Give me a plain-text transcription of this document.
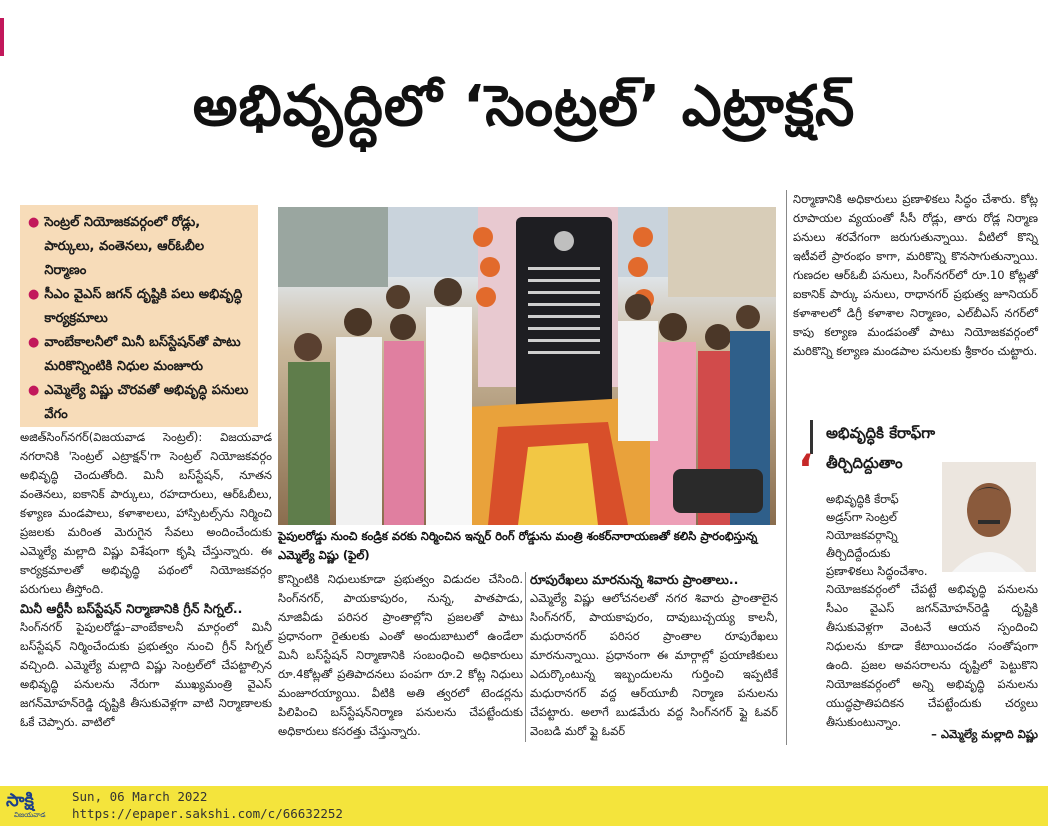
అభివృద్ధిలో ‘సెంట్రల్’ ఎట్రాక్షన్
● సెంట్రల్ నియోజకవర్గంలో రోడ్లు, పార్కులు, వంతెనలు, ఆర్ఓబీల నిర్మాణం
● సీఎం వైఎస్ జగన్ దృష్టికి పలు అభివృద్ధి కార్యక్రమాలు
● వాంబేకాలనీలో మినీ బస్‌స్టేషన్‌తో పాటు మరికొన్నింటికి నిధుల మంజూరు
● ఎమ్మెల్యే విష్ణు చొరవతో అభివృద్ధి పనులు వేగం
పైపులరోడ్డు నుంచి కండ్రిక వరకు నిర్మించిన ఇన్నర్ రింగ్ రోడ్డును మంత్రి శంకర్‌నారాయణతో కలిసి ప్రారంభిస్తున్న ఎమ్మెల్యే విష్ణు (ఫైల్)

అజిత్‌సింగ్‌నగర్(విజయవాడ సెంట్రల్): విజయవాడ నగరానికి 'సెంట్రల్ ఎట్రాక్షన్‌'గా సెంట్రల్ నియోజకవర్గం అభివృద్ధి చెందుతోంది. మినీ బస్‌స్టేషన్, నూతన వంతెనలు, ఐకానిక్ పార్కులు, రహదారులు, ఆర్ఓబీలు, కళ్యాణ మండపాలు, కళాశాలలు, హాస్పిటల్స్‌ను నిర్మించి ప్రజలకు మరింత మెరుగైన సేవలు అందించేందుకు ఎమ్మెల్యే మల్లాది విష్ణు విశేషంగా కృషి చేస్తున్నారు. ఈ కార్యక్రమాలతో అభివృద్ధి పథంలో నియోజకవర్గం పరుగులు తీస్తోంది.

మినీ ఆర్టీసీ బస్‌స్టేషన్ నిర్మాణానికి గ్రీన్ సిగ్నల్..

సింగ్‌నగర్ పైపులరోడ్డు–వాంబేకాలనీ మార్గంలో మినీ బస్‌స్టేషన్ నిర్మించేందుకు ప్రభుత్వం నుంచి గ్రీన్ సిగ్నల్ వచ్చింది. ఎమ్మెల్యే మల్లాది విష్ణు సెంట్రల్‌లో చేపట్టాల్సిన అభివృద్ధి పనులను నేరుగా ముఖ్యమంత్రి వైఎస్ జగన్‌మోహన్‌రెడ్డి దృష్టికి తీసుకువెళ్లగా వాటి నిర్మాణాలకు ఓకే చెప్పారు. వాటిలో

కొన్నింటికి నిధులుకూడా ప్రభుత్వం విడుదల చేసింది. సింగ్‌నగర్, పాయకాపురం, నున్న, పాతపాడు, నూజివీడు పరిసర ప్రాంతాల్లోని ప్రజలతో పాటు ప్రధానంగా రైతులకు ఎంతో అందుబాటులో ఉండేలా మినీ బస్‌స్టేషన్ నిర్మాణానికి సంబంధించి అధికారులు రూ.4కోట్లతో ప్రతిపాదనలు పంపగా రూ.2 కోట్ల నిధులు మంజూరయ్యాయి. వీటికి అతి త్వరలో టెండర్లను పిలిపించి బస్‌స్టేషన్‌నిర్మాణ పనులను చేపట్టేందుకు అధికారులు కసరత్తు చేస్తున్నారు.

రూపురేఖలు మారనున్న శివారు ప్రాంతాలు..

ఎమ్మెల్యే విష్ణు ఆలోచనలతో నగర శివారు ప్రాంతాలైన సింగ్‌నగర్, పాయకాపురం, దావుబుచ్చయ్య కాలనీ, మధురానగర్ పరిసర ప్రాంతాల రూపురేఖలు మారనున్నాయి. ప్రధానంగా ఈ మార్గాల్లో ప్రయాణికులు ఎదుర్కొంటున్న ఇబ్బందులను గుర్తించి ఇప్పటికే మధురానగర్ వద్ద ఆర్‌యూబీ నిర్మాణ పనులను చేపట్టారు. అలాగే బుడమేరు వద్ద సింగ్‌నగర్ ఫ్లై ఓవర్ వెంబడి మరో ఫ్లై ఓవర్

నిర్మాణానికి అధికారులు ప్రణాళికలు సిద్ధం చేశారు. కోట్ల రూపాయల వ్యయంతో సీసీ రోడ్లు, తారు రోడ్ల నిర్మాణ పనులు శరవేగంగా జరుగుతున్నాయి. వీటిలో కొన్ని ఇటీవలే ప్రారంభం కాగా, మరికొన్ని కొనసాగుతున్నాయి. గుణదల ఆర్ఓబీ పనులు, సింగ్‌నగర్‌లో రూ.10 కోట్లతో ఐకానిక్ పార్కు పనులు, రాధానగర్ ప్రభుత్వ జూనియర్ కళాశాలలో డిగ్రీ కళాశాల నిర్మాణం, ఎల్‌బీఎస్ నగర్‌లో కాపు కల్యాణ మండపంతో పాటు నియోజకవర్గంలో మరికొన్ని కల్యాణ మండపాల పనులకు శ్రీకారం చుట్టారు.

అభివృద్ధికి కేరాఫ్‌గా
తీర్చిదిద్దుతాం
‘
అభివృద్ధికి కేరాఫ్ అడ్రస్‌గా సెంట్రల్ నియోజకవర్గాన్ని తీర్చిదిద్దేందుకు ప్రణాళికలు సిద్ధంచేశాం.
నియోజకవర్గంలో చేపట్టే అభివృద్ధి పనులను సీఎం వైఎస్ జగన్‌మోహన్‌రెడ్డి దృష్టికి తీసుకువెళ్లగా వెంటనే ఆయన స్పందించి నిధులను కూడా కేటాయించడం సంతోషంగా ఉంది. ప్రజల అవసరాలను దృష్టిలో పెట్టుకొని నియోజకవర్గంలో అన్ని అభివృద్ధి పనులను యుద్ధప్రాతిపదికన చేపట్టేందుకు చర్యలు తీసుకుంటున్నాం.
– ఎమ్మెల్యే మల్లాది విష్ణు
సాక్షి
విజయవాడ
Sun, 06 March 2022
https://epaper.sakshi.com/c/66632252
